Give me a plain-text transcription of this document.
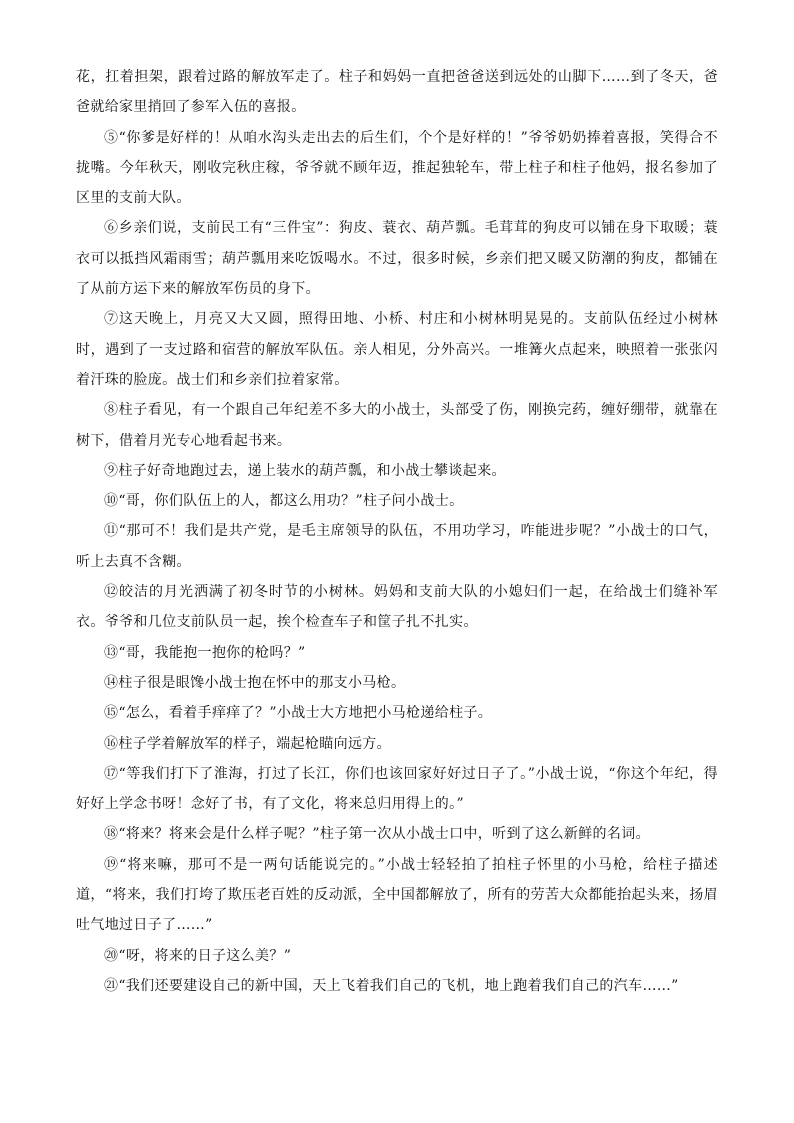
花，扛着担架，跟着过路的解放军走了。柱子和妈妈一直把爸爸送到远处的山脚下……到了冬天，爸爸就给家里捎回了参军入伍的喜报。

⑤“你爹是好样的！从咱水沟头走出去的后生们，个个是好样的！”爷爷奶奶捧着喜报，笑得合不拢嘴。今年秋天，刚收完秋庄稼，爷爷就不顾年迈，推起独轮车，带上柱子和柱子他妈，报名参加了区里的支前大队。

⑥乡亲们说，支前民工有“三件宝”：狗皮、蓑衣、葫芦瓢。毛茸茸的狗皮可以铺在身下取暖；蓑衣可以抵挡风霜雨雪；葫芦瓢用来吃饭喝水。不过，很多时候，乡亲们把又暖又防潮的狗皮，都铺在了从前方运下来的解放军伤员的身下。

⑦这天晚上，月亮又大又圆，照得田地、小桥、村庄和小树林明晃晃的。支前队伍经过小树林时，遇到了一支过路和宿营的解放军队伍。亲人相见，分外高兴。一堆篝火点起来，映照着一张张闪着汗珠的脸庞。战士们和乡亲们拉着家常。

⑧柱子看见，有一个跟自己年纪差不多大的小战士，头部受了伤，刚换完药，缠好绷带，就靠在树下，借着月光专心地看起书来。

⑨柱子好奇地跑过去，递上装水的葫芦瓢，和小战士攀谈起来。

⑩“哥，你们队伍上的人，都这么用功？”柱子问小战士。

⑪“那可不！我们是共产党，是毛主席领导的队伍，不用功学习，咋能进步呢？”小战士的口气，听上去真不含糊。

⑫皎洁的月光洒满了初冬时节的小树林。妈妈和支前大队的小媳妇们一起，在给战士们缝补军衣。爷爷和几位支前队员一起，挨个检查车子和筐子扎不扎实。

⑬“哥，我能抱一抱你的枪吗？”

⑭柱子很是眼馋小战士抱在怀中的那支小马枪。

⑮“怎么，看着手痒痒了？”小战士大方地把小马枪递给柱子。

⑯柱子学着解放军的样子，端起枪瞄向远方。

⑰“等我们打下了淮海，打过了长江，你们也该回家好好过日子了。”小战士说，“你这个年纪，得好好上学念书呀！念好了书，有了文化，将来总归用得上的。”

⑱“将来？将来会是什么样子呢？”柱子第一次从小战士口中，听到了这么新鲜的名词。

⑲“将来嘛，那可不是一两句话能说完的。”小战士轻轻拍了拍柱子怀里的小马枪，给柱子描述道，“将来，我们打垮了欺压老百姓的反动派，全中国都解放了，所有的劳苦大众都能抬起头来，扬眉吐气地过日子了……”

⑳“呀，将来的日子这么美？”

㉑“我们还要建设自己的新中国，天上飞着我们自己的飞机，地上跑着我们自己的汽车……”
